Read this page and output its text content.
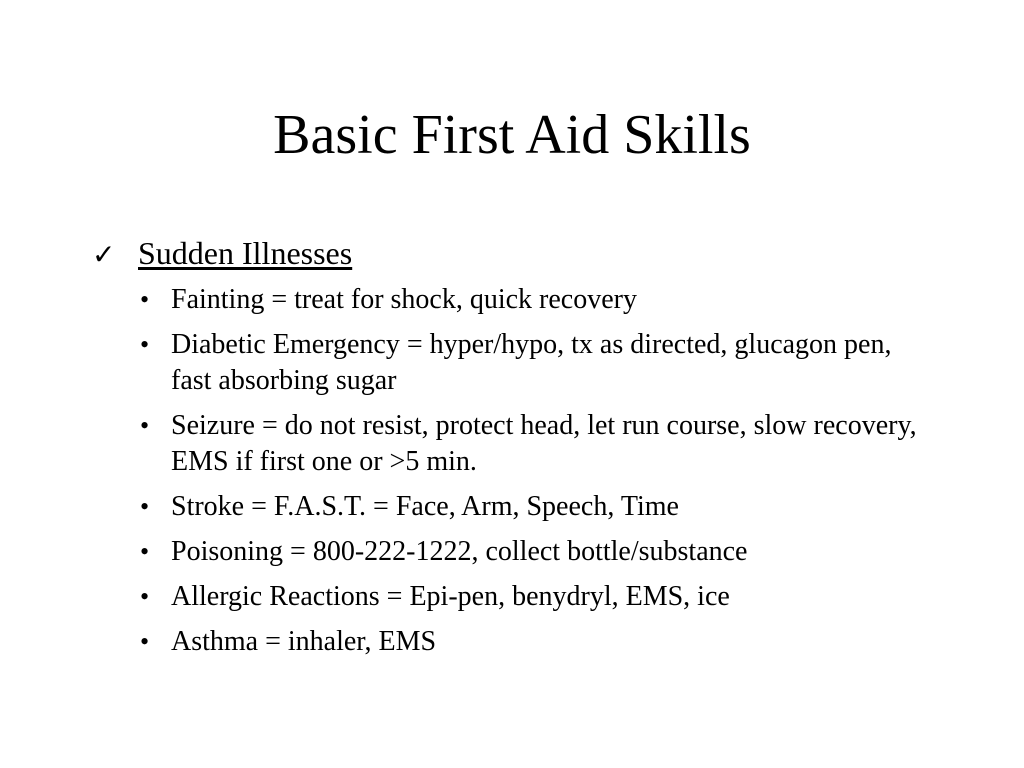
Basic First Aid Skills
✓ Sudden Illnesses
• Fainting = treat for shock, quick recovery
• Diabetic Emergency = hyper/hypo, tx as directed, glucagon pen, fast absorbing sugar
• Seizure = do not resist, protect head, let run course, slow recovery, EMS if first one or >5 min.
• Stroke = F.A.S.T. = Face, Arm, Speech, Time
• Poisoning = 800-222-1222, collect bottle/substance
• Allergic Reactions = Epi-pen, benydryl, EMS, ice
• Asthma = inhaler, EMS
